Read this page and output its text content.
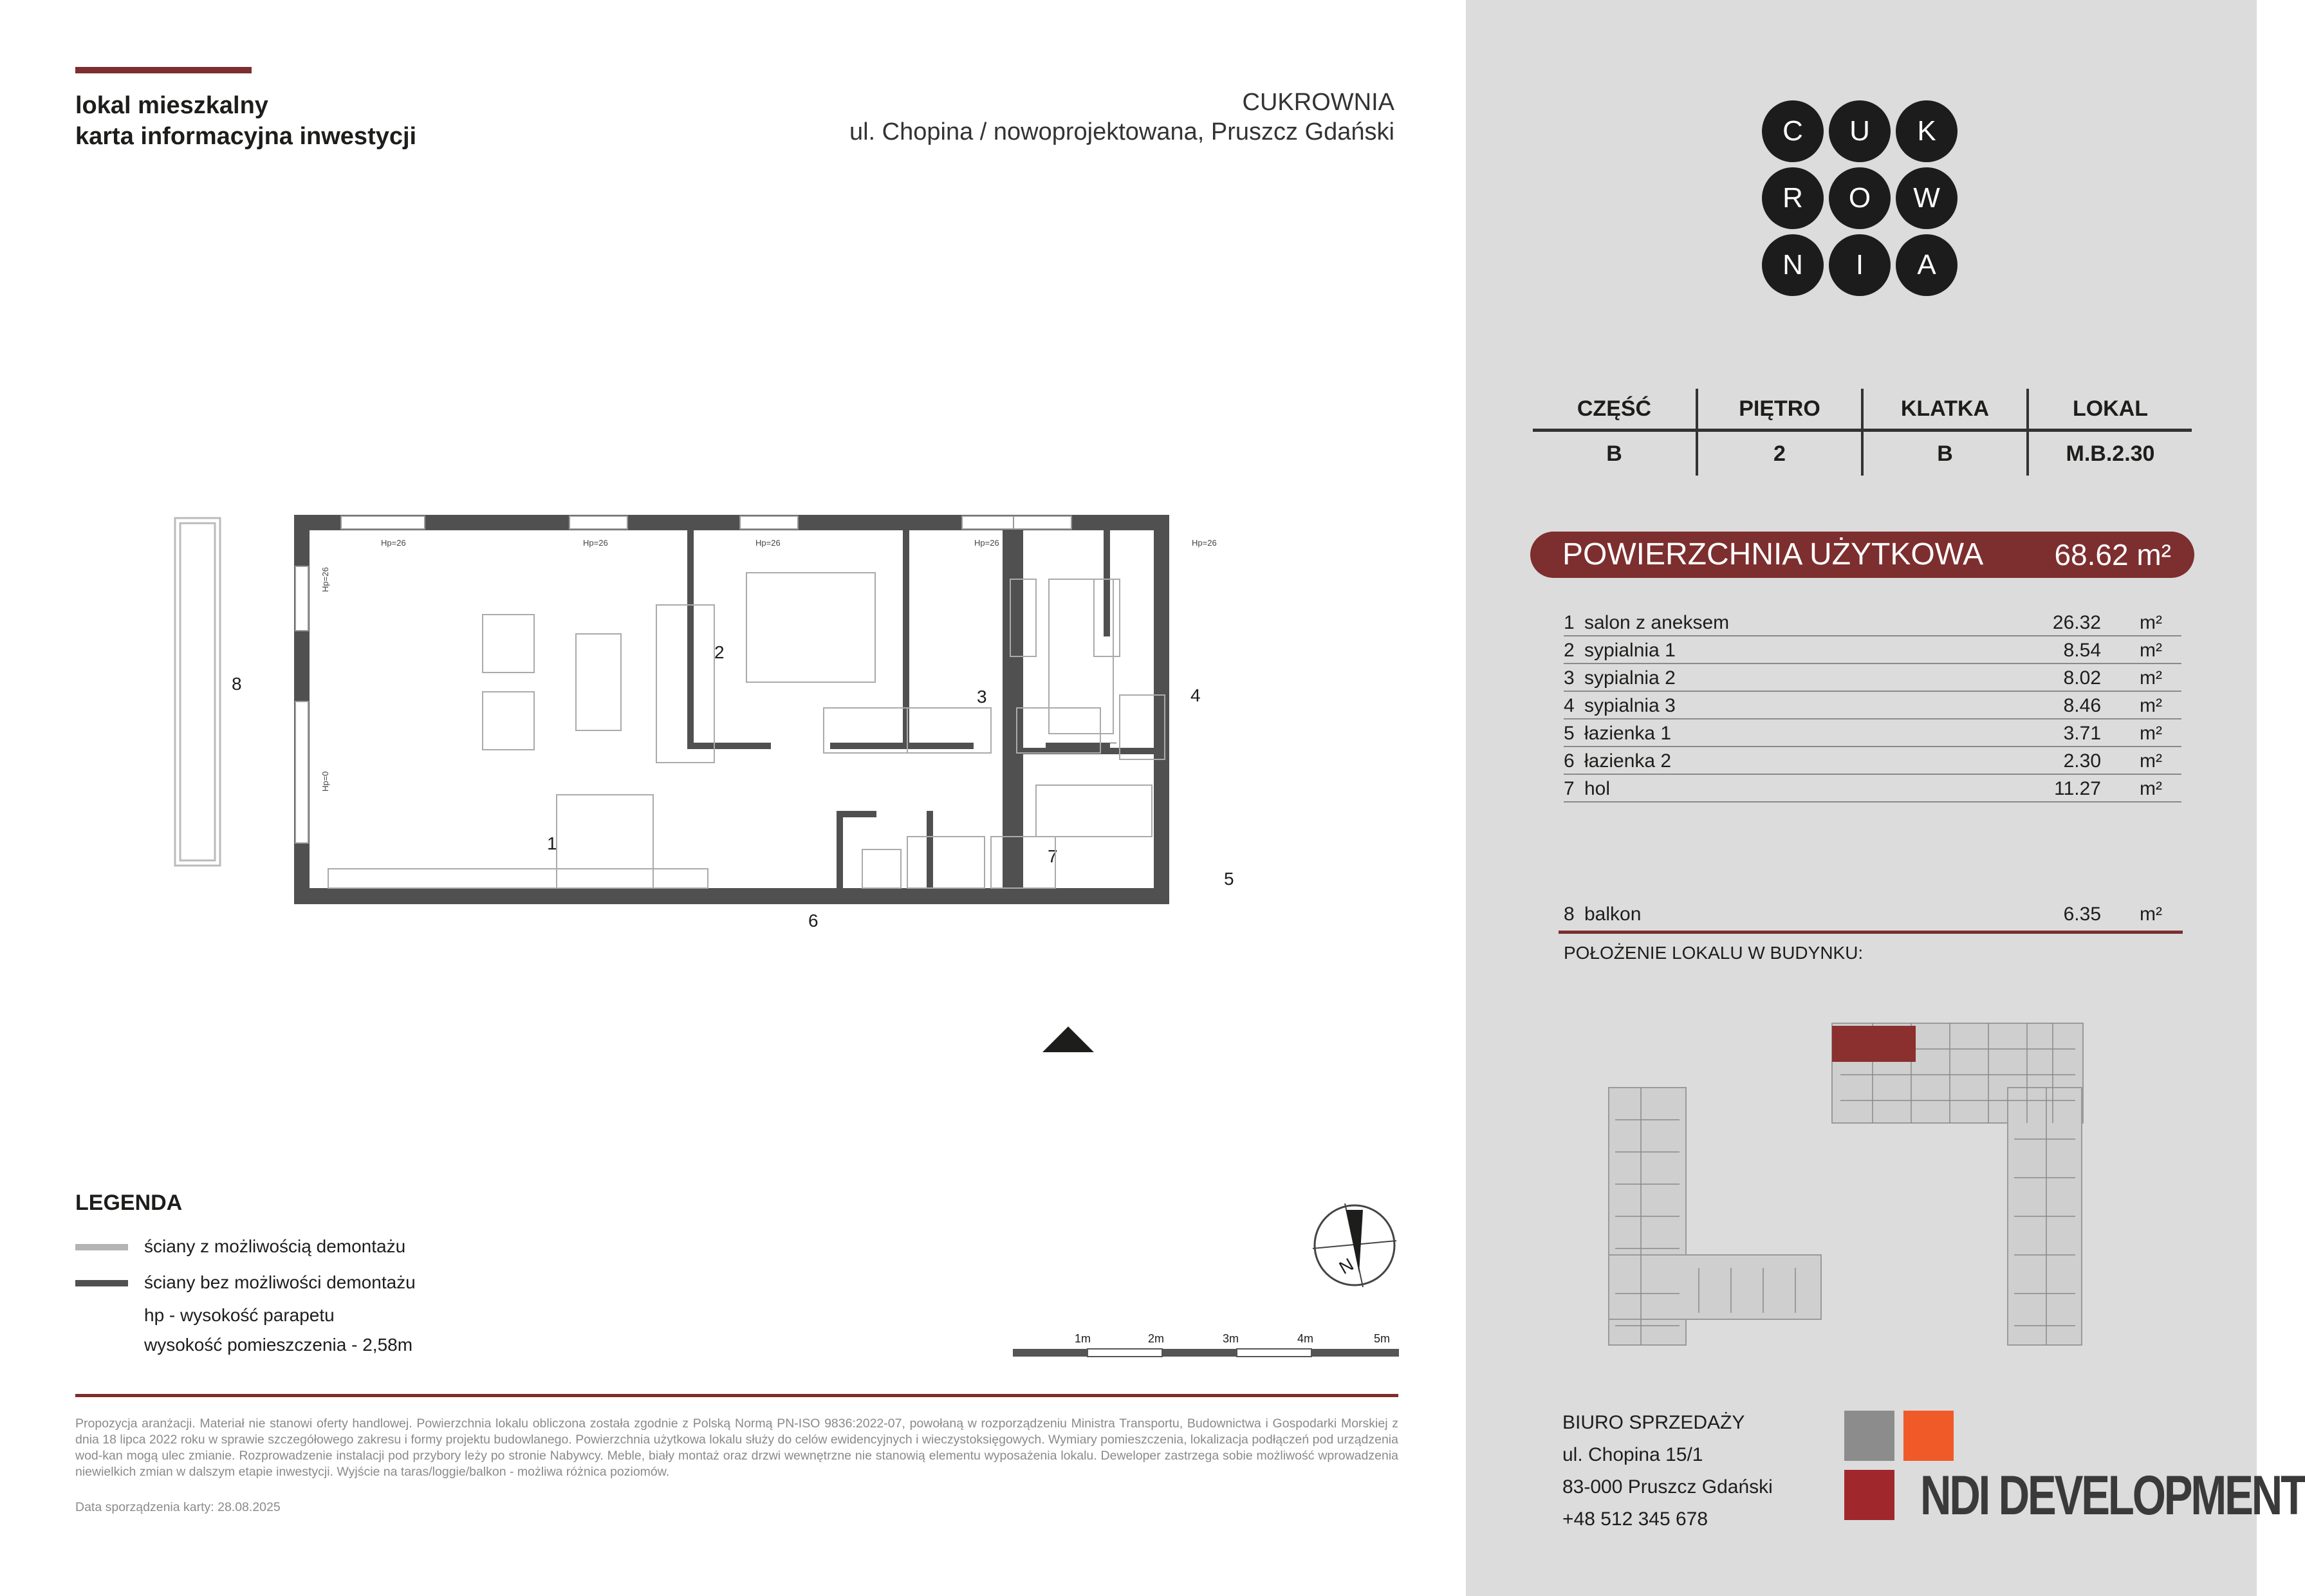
lokal mieszkalny
karta informacyjna inwestycji
CUKROWNIA
ul. Chopina / nowoprojektowana, Pruszcz Gdański
1
2
3	4
5
6
7
8
Hp=26	Hp=26	Hp=26	Hp=26	Hp=26
Hp=26
Hp=0
LEGENDA
ściany z możliwością demontażu
ściany bez możliwości demontażu
hp - wysokość parapetu
wysokość pomieszczenia - 2,58m
N
1m	2m	3m	4m	5m
Propozycja aranżacji. Materiał nie stanowi oferty handlowej. Powierzchnia lokalu obliczona została zgodnie z Polską Normą PN-ISO 9836:2022-07, powołaną w rozporządzeniu Ministra Transportu, Budownictwa i Gospodarki Morskiej z dnia 18 lipca 2022 roku w sprawie szczegółowego zakresu i formy projektu budowlanego. Powierzchnia użytkowa lokalu służy do celów ewidencyjnych i wieczystoksięgowych. Wymiary pomieszczenia, lokalizacja podłączeń pod urządzenia wod-kan mogą ulec zmianie. Rozprowadzenie instalacji pod przybory leży po stronie Nabywcy. Meble, biały montaż oraz drzwi wewnętrzne nie stanowią elementu wyposażenia lokalu. Deweloper zastrzega sobie możliwość wprowadzenia niewielkich zmian w dalszym etapie inwestycji. Wyjście na taras/loggie/balkon - możliwa różnica poziomów.
Data sporządzenia karty: 28.08.2025
C	U	K
R	O	W
N	I	A
CZĘŚĆ	PIĘTRO	KLATKA	LOKAL
B	2	B	M.B.2.30
POWIERZCHNIA UŻYTKOWA 68.62 m²
1 salon z aneksem	26.32 m²
2 sypialnia 1	8.54 m²
3 sypialnia 2	8.02 m²
4 sypialnia 3	8.46 m²
5 łazienka 1	3.71 m²
6 łazienka 2	2.30 m²
7 hol	11.27 m²
8 balkon	6.35 m²
POŁOŻENIE LOKALU W BUDYNKU:
BIURO SPRZEDAŻY
ul. Chopina 15/1
83-000 Pruszcz Gdański
+48 512 345 678	NDI DEVELOPMENT
